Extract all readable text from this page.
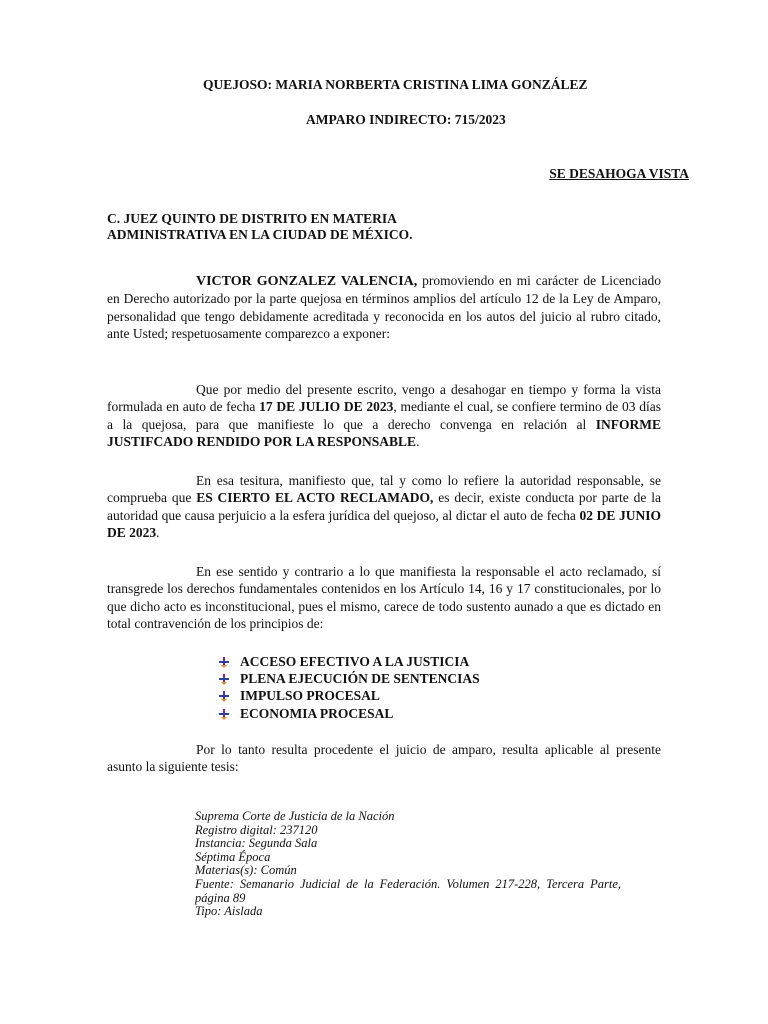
QUEJOSO: MARIA NORBERTA CRISTINA LIMA GONZÁLEZ
AMPARO INDIRECTO: 715/2023
SE DESAHOGA VISTA
C. JUEZ QUINTO DE DISTRITO EN MATERIA
ADMINISTRATIVA EN LA CIUDAD DE MÉXICO.

VICTOR GONZALEZ VALENCIA, promoviendo en mi carácter de Licenciado en Derecho autorizado por la parte quejosa en términos amplios del artículo 12 de la Ley de Amparo, personalidad que tengo debidamente acreditada y reconocida en los autos del juicio al rubro citado, ante Usted; respetuosamente comparezco a exponer:

Que por medio del presente escrito, vengo a desahogar en tiempo y forma la vista formulada en auto de fecha 17 DE JULIO DE 2023, mediante el cual, se confiere termino de 03 días a la quejosa, para que manifieste lo que a derecho convenga en relación al INFORME JUSTIFCADO RENDIDO POR LA RESPONSABLE.

En esa tesitura, manifiesto que, tal y como lo refiere la autoridad responsable, se comprueba que ES CIERTO EL ACTO RECLAMADO, es decir, existe conducta por parte de la autoridad que causa perjuicio a la esfera jurídica del quejoso, al dictar el auto de fecha 02 DE JUNIO DE 2023.

En ese sentido y contrario a lo que manifiesta la responsable el acto reclamado, sí transgrede los derechos fundamentales contenidos en los Artículo 14, 16 y 17 constitucionales, por lo que dicho acto es inconstitucional, pues el mismo, carece de todo sustento aunado a que es dictado en total contravención de los principios de:

ACCESO EFECTIVO A LA JUSTICIA
PLENA EJECUCIÓN DE SENTENCIAS
IMPULSO PROCESAL
ECONOMIA PROCESAL

Por lo tanto resulta procedente el juicio de amparo, resulta aplicable al presente asunto la siguiente tesis:

Suprema Corte de Justicia de la Nación
Registro digital: 237120
Instancia: Segunda Sala
Séptima Época
Materias(s): Común
Fuente: Semanario Judicial de la Federación. Volumen 217-228, Tercera Parte, página 89
Tipo: Aislada
